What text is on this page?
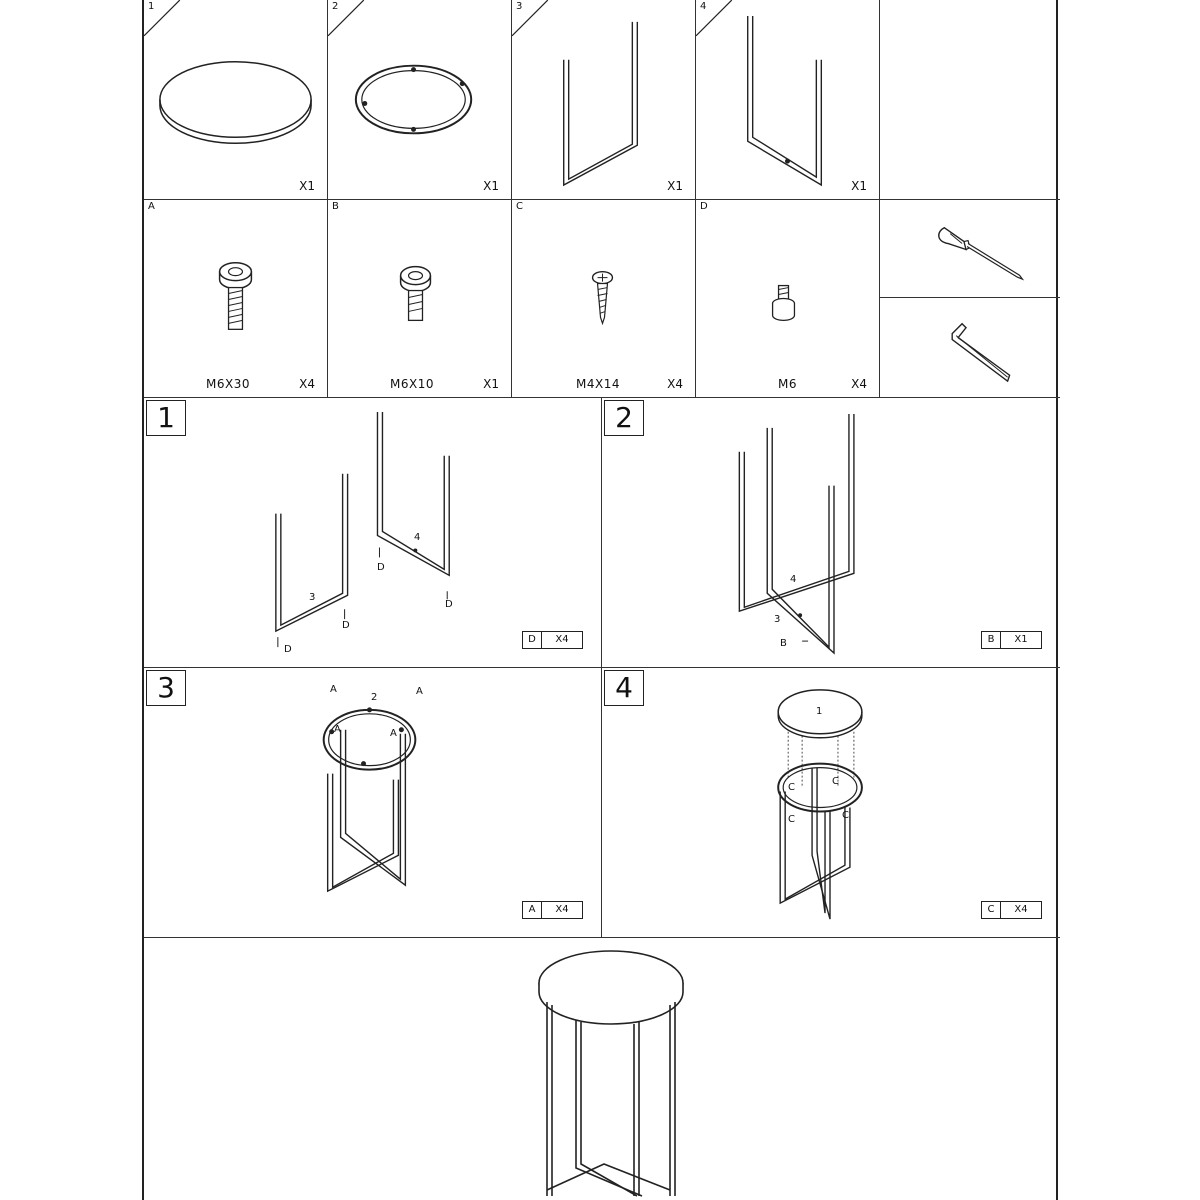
1
X1
2
X1
3
X1
4
X1
A
M6X30	X4
B
M6X10	X1
C
M4X14	X4
D
M6	X4
1
3
4
D
D
D
D
D	X4
2
4
3
B	B	X1
3	2
A	A
A	A
A	X4
4
1
C
C
C	C
C	X4
